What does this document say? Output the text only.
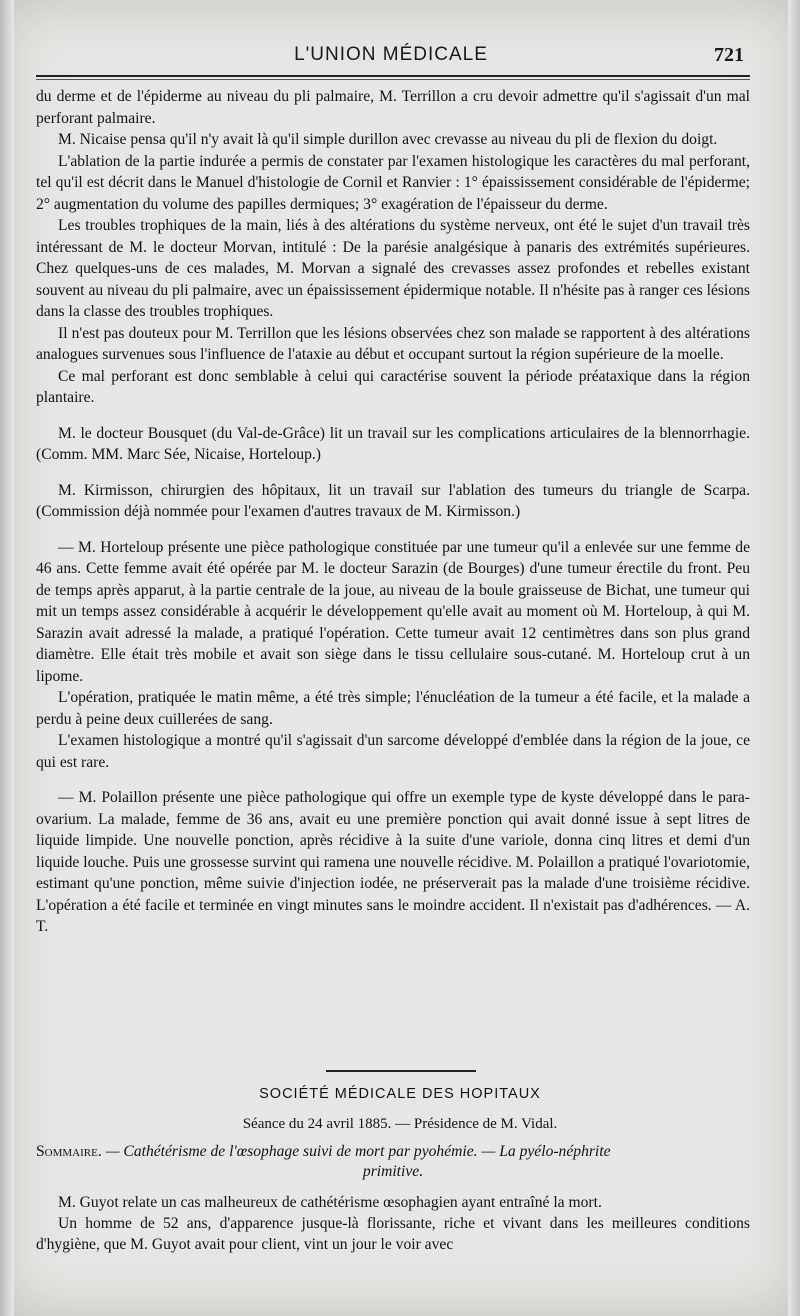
L'UNION MÉDICALE	721

du derme et de l'épiderme au niveau du pli palmaire, M. Terrillon a cru devoir admettre qu'il s'agissait d'un mal perforant palmaire.

M. Nicaise pensa qu'il n'y avait là qu'il simple durillon avec crevasse au niveau du pli de flexion du doigt.

L'ablation de la partie indurée a permis de constater par l'examen histologique les caractères du mal perforant, tel qu'il est décrit dans le Manuel d'histologie de Cornil et Ranvier : 1° épaississement considérable de l'épiderme; 2° augmentation du volume des papilles dermiques; 3° exagération de l'épaisseur du derme.

Les troubles trophiques de la main, liés à des altérations du système nerveux, ont été le sujet d'un travail très intéressant de M. le docteur Morvan, intitulé : De la parésie analgésique à panaris des extrémités supérieures. Chez quelques-uns de ces malades, M. Morvan a signalé des crevasses assez profondes et rebelles existant souvent au niveau du pli palmaire, avec un épaississement épidermique notable. Il n'hésite pas à ranger ces lésions dans la classe des troubles trophiques.

Il n'est pas douteux pour M. Terrillon que les lésions observées chez son malade se rapportent à des altérations analogues survenues sous l'influence de l'ataxie au début et occupant surtout la région supérieure de la moelle.

Ce mal perforant est donc semblable à celui qui caractérise souvent la période préataxique dans la région plantaire.

M. le docteur Bousquet (du Val-de-Grâce) lit un travail sur les complications articulaires de la blennorrhagie. (Comm. MM. Marc Sée, Nicaise, Horteloup.)

M. Kirmisson, chirurgien des hôpitaux, lit un travail sur l'ablation des tumeurs du triangle de Scarpa. (Commission déjà nommée pour l'examen d'autres travaux de M. Kirmisson.)

— M. Horteloup présente une pièce pathologique constituée par une tumeur qu'il a enlevée sur une femme de 46 ans. Cette femme avait été opérée par M. le docteur Sarazin (de Bourges) d'une tumeur érectile du front. Peu de temps après apparut, à la partie centrale de la joue, au niveau de la boule graisseuse de Bichat, une tumeur qui mit un temps assez considérable à acquérir le développement qu'elle avait au moment où M. Horteloup, à qui M. Sarazin avait adressé la malade, a pratiqué l'opération. Cette tumeur avait 12 centimètres dans son plus grand diamètre. Elle était très mobile et avait son siège dans le tissu cellulaire sous-cutané. M. Horteloup crut à un lipome.

L'opération, pratiquée le matin même, a été très simple; l'énucléation de la tumeur a été facile, et la malade a perdu à peine deux cuillerées de sang.

L'examen histologique a montré qu'il s'agissait d'un sarcome développé d'emblée dans la région de la joue, ce qui est rare.

— M. Polaillon présente une pièce pathologique qui offre un exemple type de kyste développé dans le para-ovarium. La malade, femme de 36 ans, avait eu une première ponction qui avait donné issue à sept litres de liquide limpide. Une nouvelle ponction, après récidive à la suite d'une variole, donna cinq litres et demi d'un liquide louche. Puis une grossesse survint qui ramena une nouvelle récidive. M. Polaillon a pratiqué l'ovariotomie, estimant qu'une ponction, même suivie d'injection iodée, ne préserverait pas la malade d'une troisième récidive. L'opération a été facile et terminée en vingt minutes sans le moindre accident. Il n'existait pas d'adhérences. — A. T.

SOCIÉTÉ MÉDICALE DES HOPITAUX
Séance du 24 avril 1885. — Présidence de M. Vidal.
Sommaire. — Cathétérisme de l'œsophage suivi de mort par pyohémie. — La pyélo-néphrite
primitive.

M. Guyot relate un cas malheureux de cathétérisme œsophagien ayant entraîné la mort.

Un homme de 52 ans, d'apparence jusque-là florissante, riche et vivant dans les meilleures conditions d'hygiène, que M. Guyot avait pour client, vint un jour le voir avec
